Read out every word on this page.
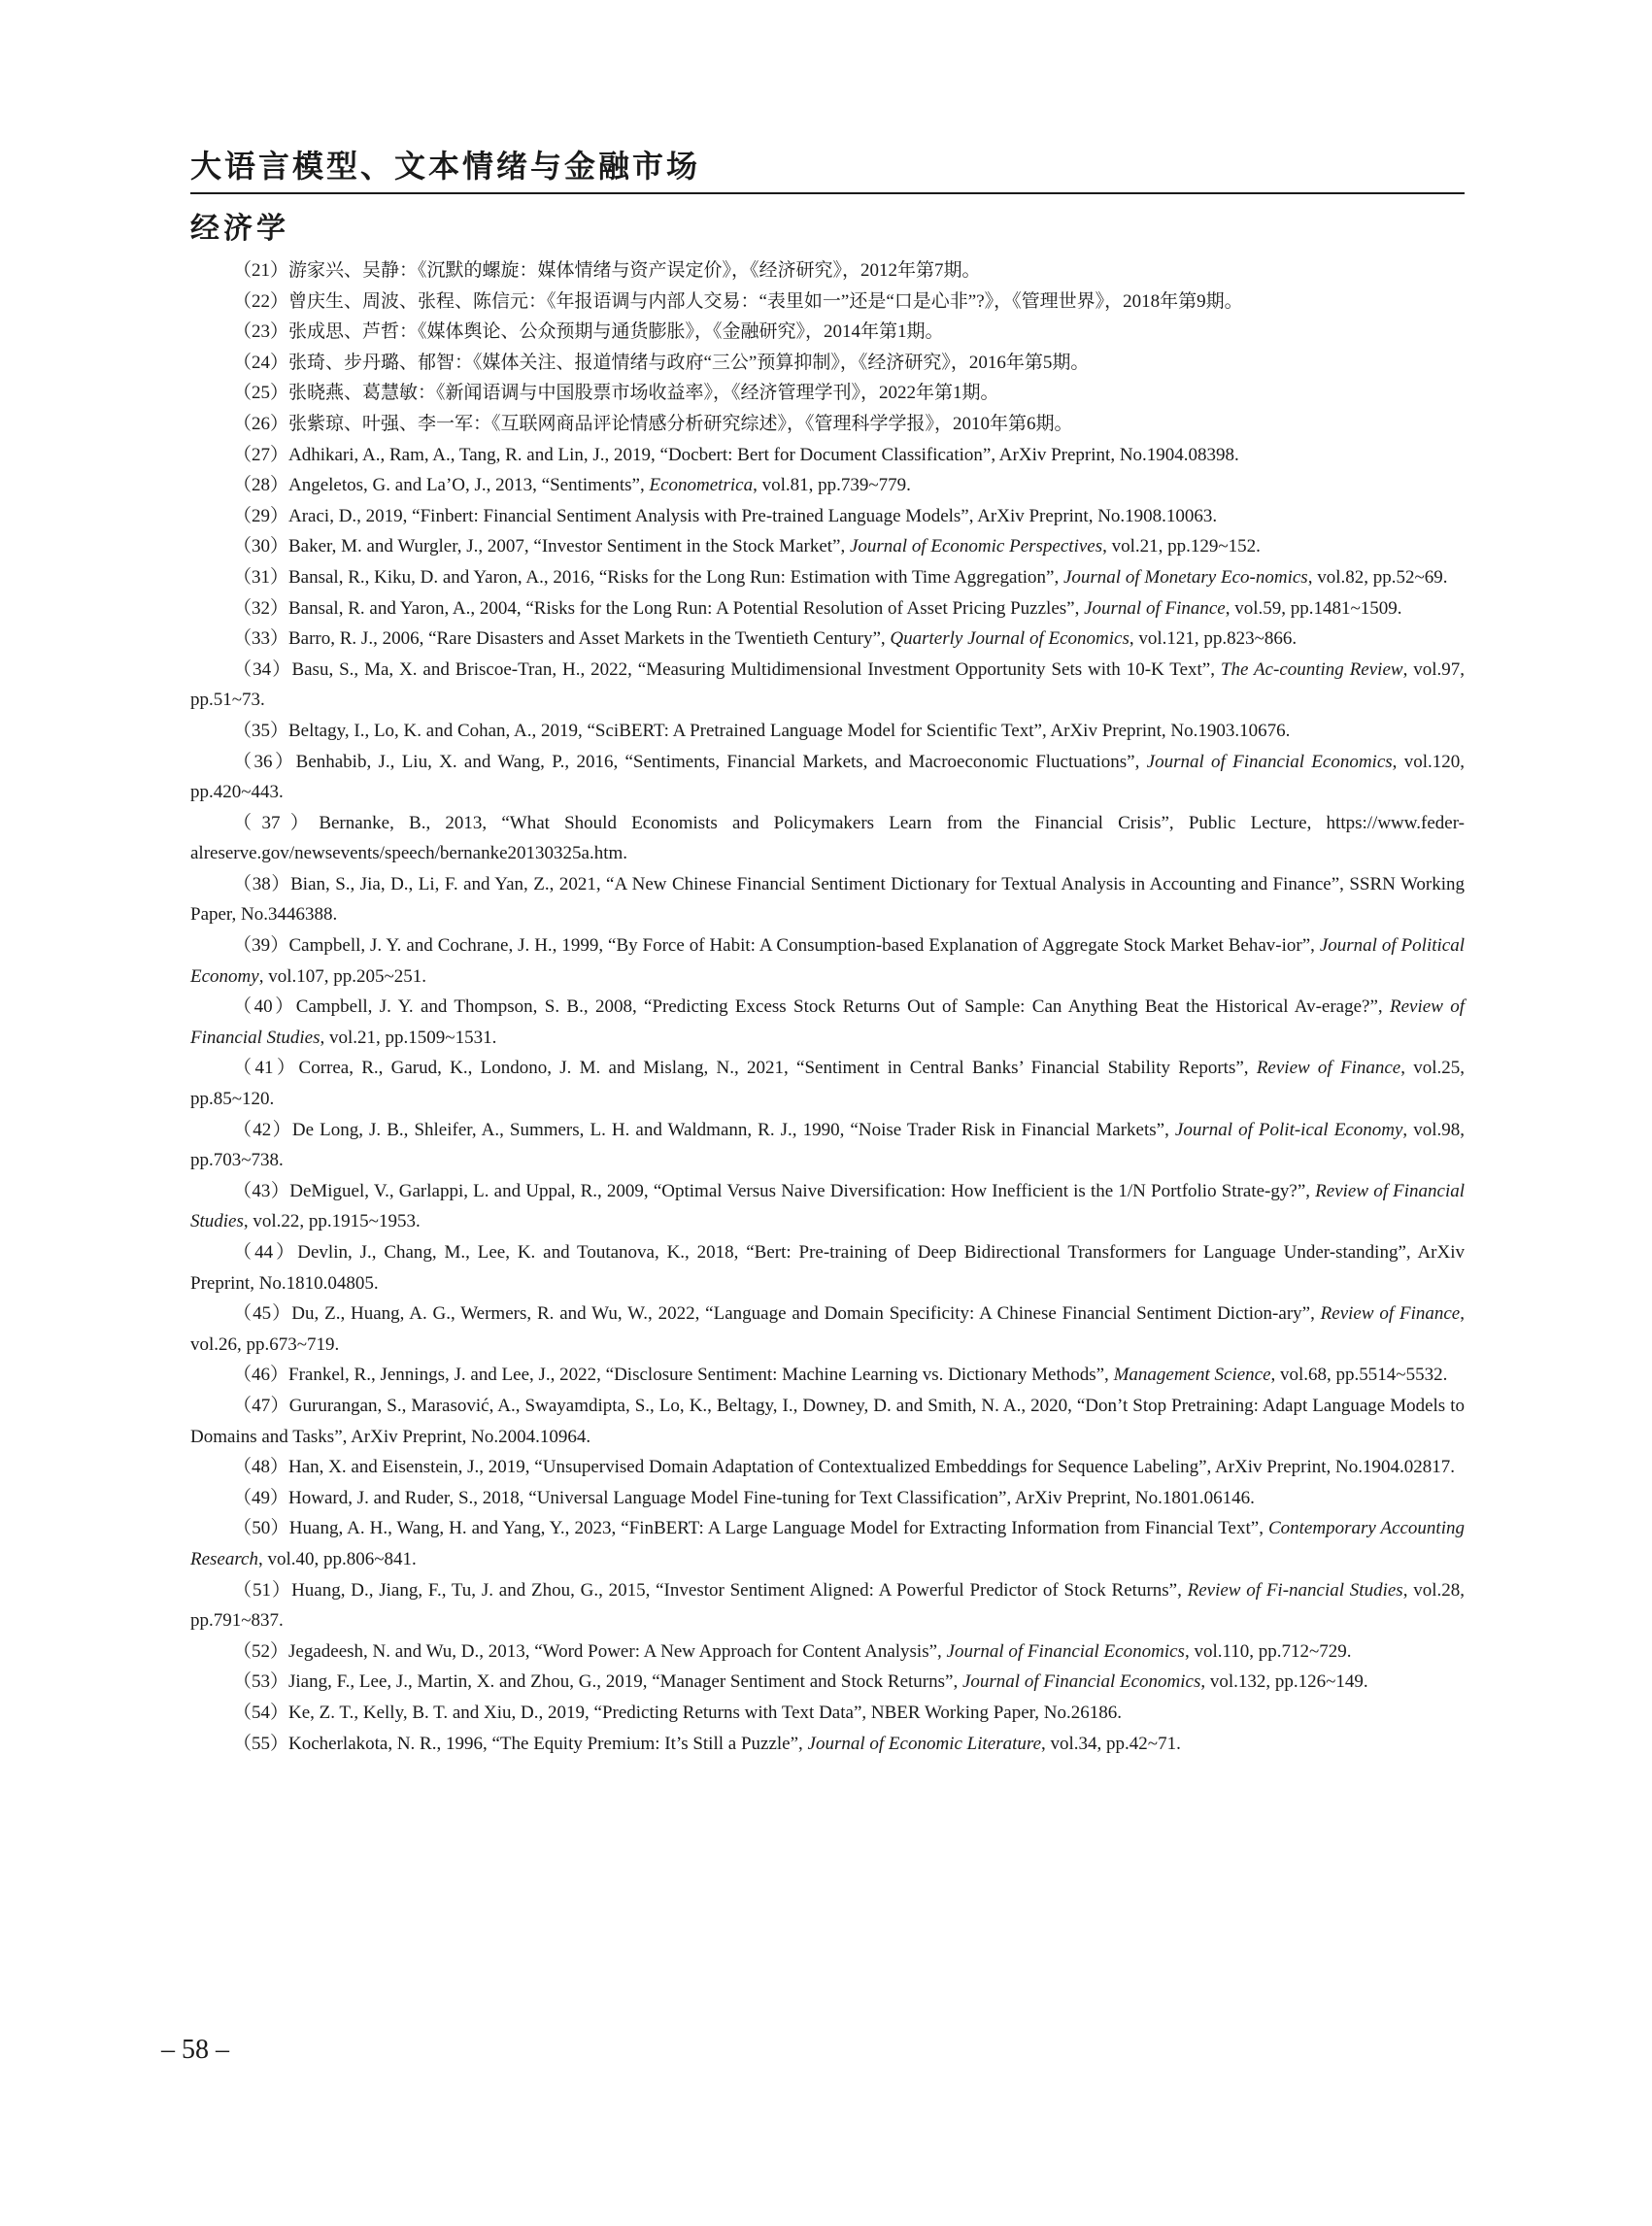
大语言模型、文本情绪与金融市场
经济学

（21）游家兴、吴静：《沉默的螺旋：媒体情绪与资产误定价》，《经济研究》，2012年第7期。

（22）曾庆生、周波、张程、陈信元：《年报语调与内部人交易：“表里如一”还是“口是心非”?》，《管理世界》，2018年第9期。

（23）张成思、芦哲：《媒体舆论、公众预期与通货膨胀》，《金融研究》，2014年第1期。

（24）张琦、步丹璐、郁智：《媒体关注、报道情绪与政府“三公”预算抑制》，《经济研究》，2016年第5期。

（25）张晓燕、葛慧敏：《新闻语调与中国股票市场收益率》，《经济管理学刊》，2022年第1期。

（26）张紫琼、叶强、李一军：《互联网商品评论情感分析研究综述》，《管理科学学报》，2010年第6期。

（27）Adhikari, A., Ram, A., Tang, R. and Lin, J., 2019, “Docbert: Bert for Document Classification”, ArXiv Preprint, No.1904.08398.

（28）Angeletos, G. and La’O, J., 2013, “Sentiments”, Econometrica, vol.81, pp.739~779.

（29）Araci, D., 2019, “Finbert: Financial Sentiment Analysis with Pre-trained Language Models”, ArXiv Preprint, No.1908.10063.

（30）Baker, M. and Wurgler, J., 2007, “Investor Sentiment in the Stock Market”, Journal of Economic Perspectives, vol.21, pp.129~152.

（31）Bansal, R., Kiku, D. and Yaron, A., 2016, “Risks for the Long Run: Estimation with Time Aggregation”, Journal of Monetary Eco-nomics, vol.82, pp.52~69.

（32）Bansal, R. and Yaron, A., 2004, “Risks for the Long Run: A Potential Resolution of Asset Pricing Puzzles”, Journal of Finance, vol.59, pp.1481~1509.

（33）Barro, R. J., 2006, “Rare Disasters and Asset Markets in the Twentieth Century”, Quarterly Journal of Economics, vol.121, pp.823~866.

（34）Basu, S., Ma, X. and Briscoe-Tran, H., 2022, “Measuring Multidimensional Investment Opportunity Sets with 10-K Text”, The Ac-counting Review, vol.97, pp.51~73.

（35）Beltagy, I., Lo, K. and Cohan, A., 2019, “SciBERT: A Pretrained Language Model for Scientific Text”, ArXiv Preprint, No.1903.10676.

（36）Benhabib, J., Liu, X. and Wang, P., 2016, “Sentiments, Financial Markets, and Macroeconomic Fluctuations”, Journal of Financial Economics, vol.120, pp.420~443.

（37）Bernanke, B., 2013, “What Should Economists and Policymakers Learn from the Financial Crisis”, Public Lecture, https://www.feder-alreserve.gov/newsevents/speech/bernanke20130325a.htm.

（38）Bian, S., Jia, D., Li, F. and Yan, Z., 2021, “A New Chinese Financial Sentiment Dictionary for Textual Analysis in Accounting and Finance”, SSRN Working Paper, No.3446388.

（39）Campbell, J. Y. and Cochrane, J. H., 1999, “By Force of Habit: A Consumption-based Explanation of Aggregate Stock Market Behav-ior”, Journal of Political Economy, vol.107, pp.205~251.

（40）Campbell, J. Y. and Thompson, S. B., 2008, “Predicting Excess Stock Returns Out of Sample: Can Anything Beat the Historical Av-erage?”, Review of Financial Studies, vol.21, pp.1509~1531.

（41）Correa, R., Garud, K., Londono, J. M. and Mislang, N., 2021, “Sentiment in Central Banks’ Financial Stability Reports”, Review of Finance, vol.25, pp.85~120.

（42）De Long, J. B., Shleifer, A., Summers, L. H. and Waldmann, R. J., 1990, “Noise Trader Risk in Financial Markets”, Journal of Polit-ical Economy, vol.98, pp.703~738.

（43）DeMiguel, V., Garlappi, L. and Uppal, R., 2009, “Optimal Versus Naive Diversification: How Inefficient is the 1/N Portfolio Strate-gy?”, Review of Financial Studies, vol.22, pp.1915~1953.

（44）Devlin, J., Chang, M., Lee, K. and Toutanova, K., 2018, “Bert: Pre-training of Deep Bidirectional Transformers for Language Under-standing”, ArXiv Preprint, No.1810.04805.

（45）Du, Z., Huang, A. G., Wermers, R. and Wu, W., 2022, “Language and Domain Specificity: A Chinese Financial Sentiment Diction-ary”, Review of Finance, vol.26, pp.673~719.

（46）Frankel, R., Jennings, J. and Lee, J., 2022, “Disclosure Sentiment: Machine Learning vs. Dictionary Methods”, Management Science, vol.68, pp.5514~5532.

（47）Gururangan, S., Marasović, A., Swayamdipta, S., Lo, K., Beltagy, I., Downey, D. and Smith, N. A., 2020, “Don’t Stop Pretraining: Adapt Language Models to Domains and Tasks”, ArXiv Preprint, No.2004.10964.

（48）Han, X. and Eisenstein, J., 2019, “Unsupervised Domain Adaptation of Contextualized Embeddings for Sequence Labeling”, ArXiv Preprint, No.1904.02817.

（49）Howard, J. and Ruder, S., 2018, “Universal Language Model Fine-tuning for Text Classification”, ArXiv Preprint, No.1801.06146.

（50）Huang, A. H., Wang, H. and Yang, Y., 2023, “FinBERT: A Large Language Model for Extracting Information from Financial Text”, Contemporary Accounting Research, vol.40, pp.806~841.

（51）Huang, D., Jiang, F., Tu, J. and Zhou, G., 2015, “Investor Sentiment Aligned: A Powerful Predictor of Stock Returns”, Review of Fi-nancial Studies, vol.28, pp.791~837.

（52）Jegadeesh, N. and Wu, D., 2013, “Word Power: A New Approach for Content Analysis”, Journal of Financial Economics, vol.110, pp.712~729.

（53）Jiang, F., Lee, J., Martin, X. and Zhou, G., 2019, “Manager Sentiment and Stock Returns”, Journal of Financial Economics, vol.132, pp.126~149.

（54）Ke, Z. T., Kelly, B. T. and Xiu, D., 2019, “Predicting Returns with Text Data”, NBER Working Paper, No.26186.

（55）Kocherlakota, N. R., 1996, “The Equity Premium: It’s Still a Puzzle”, Journal of Economic Literature, vol.34, pp.42~71.

– 58 –
